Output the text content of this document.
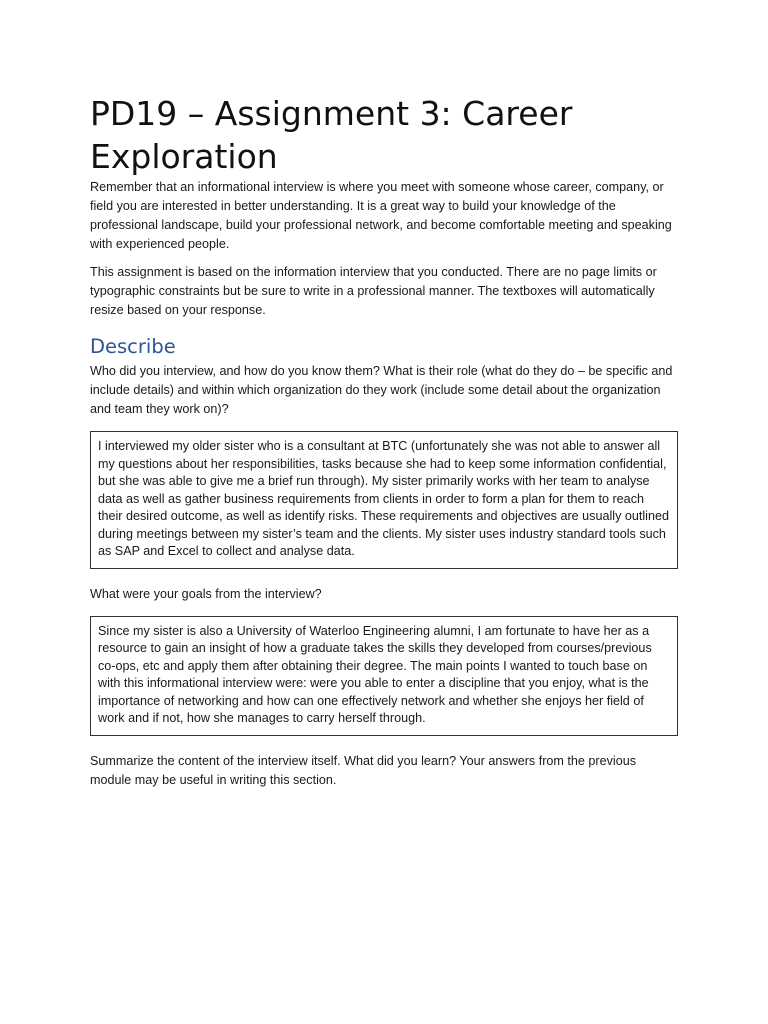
PD19 – Assignment 3: Career Exploration

Remember that an informational interview is where you meet with someone whose career, company, or field you are interested in better understanding. It is a great way to build your knowledge of the professional landscape, build your professional network, and become comfortable meeting and speaking with experienced people.

This assignment is based on the information interview that you conducted. There are no page limits or typographic constraints but be sure to write in a professional manner. The textboxes will automatically resize based on your response.

Describe

Who did you interview, and how do you know them? What is their role (what do they do – be specific and include details) and within which organization do they work (include some detail about the organization and team they work on)?

I interviewed my older sister who is a consultant at BTC (unfortunately she was not able to answer all my questions about her responsibilities, tasks because she had to keep some information confidential, but she was able to give me a brief run through). My sister primarily works with her team to analyse data as well as gather business requirements from clients in order to form a plan for them to reach their desired outcome, as well as identify risks. These requirements and objectives are usually outlined during meetings between my sister’s team and the clients. My sister uses industry standard tools such as SAP and Excel to collect and analyse data.

What were your goals from the interview?

Since my sister is also a University of Waterloo Engineering alumni, I am fortunate to have her as a resource to gain an insight of how a graduate takes the skills they developed from courses/previous co-ops, etc and apply them after obtaining their degree. The main points I wanted to touch base on with this informational interview were: were you able to enter a discipline that you enjoy, what is the importance of networking and how can one effectively network and whether she enjoys her field of work and if not, how she manages to carry herself through.

Summarize the content of the interview itself. What did you learn? Your answers from the previous module may be useful in writing this section.
